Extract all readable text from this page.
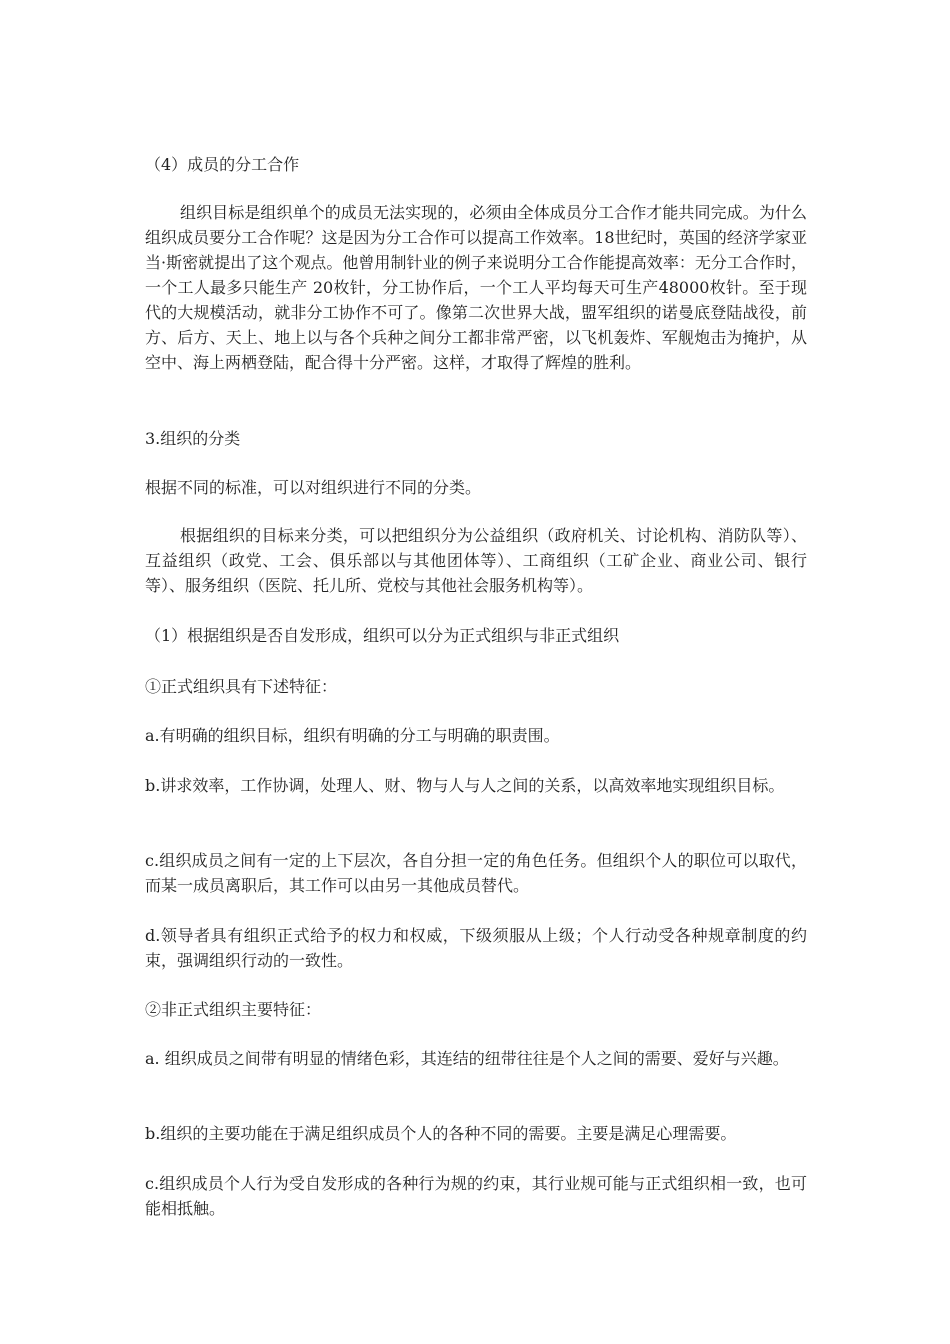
（4）成员的分工合作

组织目标是组织单个的成员无法实现的，必须由全体成员分工合作才能共同完成。为什么组织成员要分工合作呢？这是因为分工合作可以提高工作效率。18世纪时，英国的经济学家亚当·斯密就提出了这个观点。他曾用制针业的例子来说明分工合作能提高效率：无分工合作时，一个工人最多只能生产 20枚针，分工协作后，一个工人平均每天可生产48000枚针。至于现代的大规模活动，就非分工协作不可了。像第二次世界大战，盟军组织的诺曼底登陆战役，前方、后方、天上、地上以与各个兵种之间分工都非常严密，以飞机轰炸、军舰炮击为掩护，从空中、海上两栖登陆，配合得十分严密。这样，才取得了辉煌的胜利。

3.组织的分类

根据不同的标准，可以对组织进行不同的分类。

根据组织的目标来分类，可以把组织分为公益组织（政府机关、讨论机构、消防队等）、互益组织（政党、工会、俱乐部以与其他团体等）、工商组织（工矿企业、商业公司、银行等）、服务组织（医院、托儿所、党校与其他社会服务机构等）。

（1）根据组织是否自发形成，组织可以分为正式组织与非正式组织

①正式组织具有下述特征：

a.有明确的组织目标，组织有明确的分工与明确的职责围。

b.讲求效率，工作协调，处理人、财、物与人与人之间的关系，以高效率地实现组织目标。

c.组织成员之间有一定的上下层次，各自分担一定的角色任务。但组织个人的职位可以取代，而某一成员离职后，其工作可以由另一其他成员替代。

d.领导者具有组织正式给予的权力和权威，下级须服从上级；个人行动受各种规章制度的约束，强调组织行动的一致性。

②非正式组织主要特征：

a. 组织成员之间带有明显的情绪色彩，其连结的纽带往往是个人之间的需要、爱好与兴趣。

b.组织的主要功能在于满足组织成员个人的各种不同的需要。主要是满足心理需要。

c.组织成员个人行为受自发形成的各种行为规的约束，其行业规可能与正式组织相一致，也可能相抵触。
